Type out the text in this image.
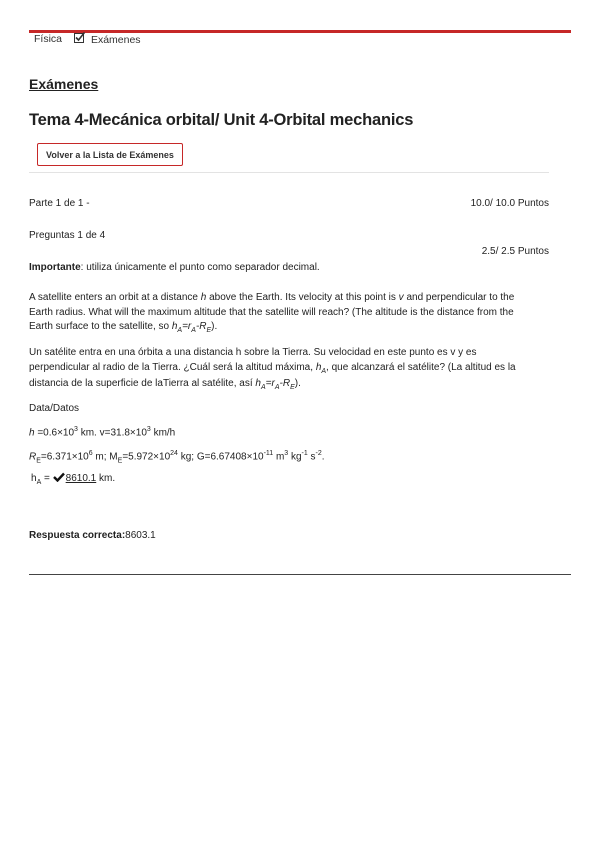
Física	Exámenes
Exámenes
Tema 4-Mecánica orbital/ Unit 4-Orbital mechanics
Volver a la Lista de Exámenes
Parte 1 de 1 -	10.0/ 10.0 Puntos
Preguntas 1 de 4
2.5/ 2.5 Puntos
Importante: utiliza únicamente el punto como separador decimal.
A satellite enters an orbit at a distance h above the Earth. Its velocity at this point is v and perpendicular to the Earth radius. What will the maximum altitude that the satellite will reach? (The altitude is the distance from the Earth surface to the satellite, so $h_A=r_A-R_E$).
Un satélite entra en una órbita a una distancia h sobre la Tierra. Su velocidad en este punto es v y es perpendicular al radio de la Tierra. ¿Cuál será la altitud máxima, $h_A$, que alcanzará el satélite? (La altitud es la distancia de la superficie de laTierra al satélite, así $h_A=r_A-R_E$).
Data/Datos
$h =0.6\times 10^3$ km. $v=31.8\times 10^3$ km/h
$R_E=6.371\times 10^6$ m; $M_E=5.972\times 10^{24}$ kg; $G=6.67408\times 10^{-11}$ $m^3$ $kg^{-1}$ $s^{-2}$.
$h_A = 8610.1$ km.
Respuesta correcta:8603.1
